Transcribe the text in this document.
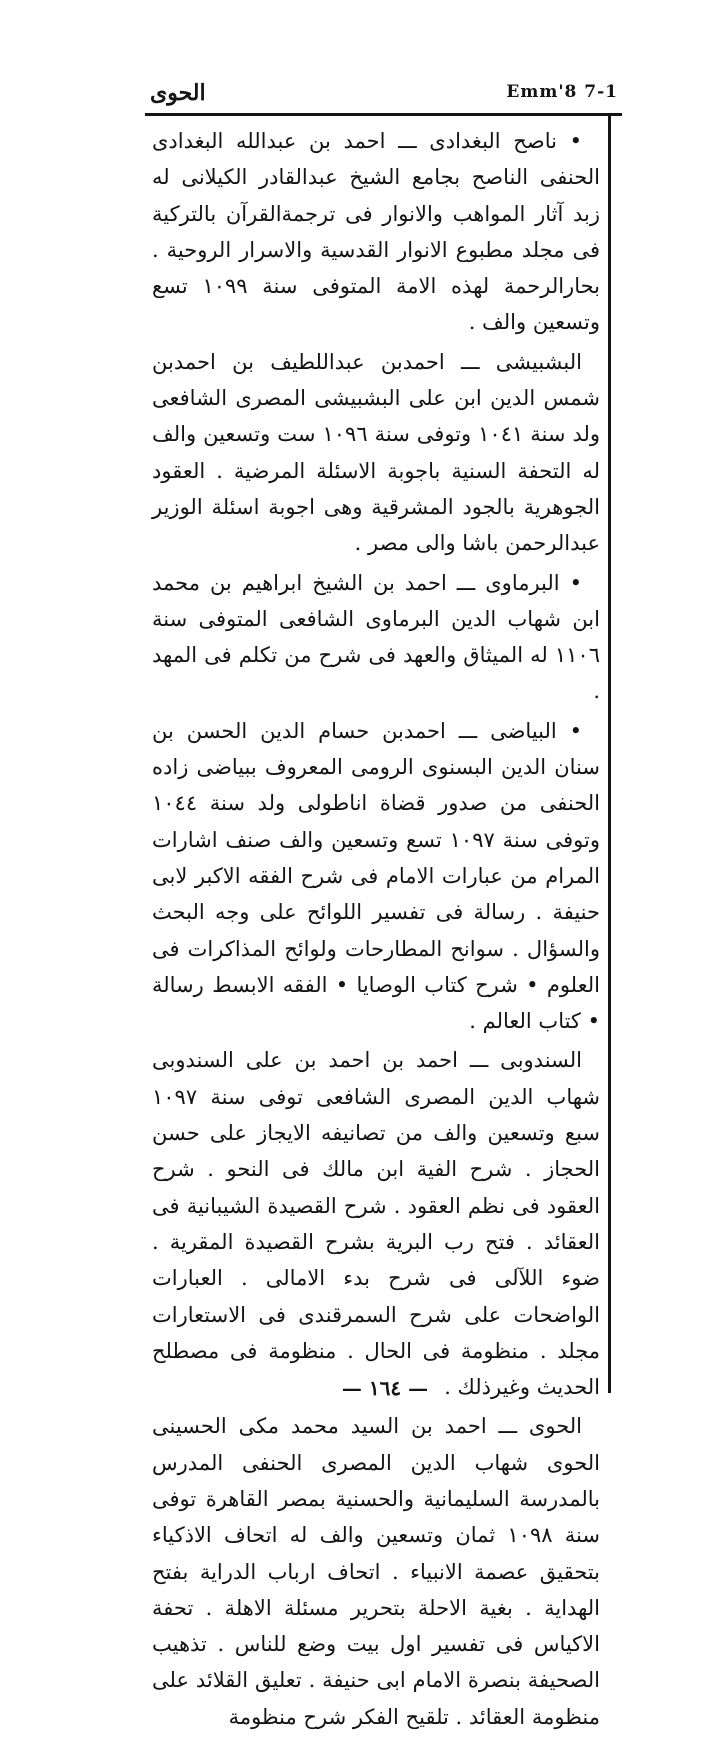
الحوى	Emm'8 7-1

• ناصح البغدادى ـــ احمد بن عبدالله البغدادى الحنفى الناصح بجامع الشيخ عبدالقادر الكيلانى له زبد آثار المواهب والانوار فى ترجمةالقرآن بالتركية فى مجلد مطبوع الانوار القدسية والاسرار الروحية . بحارالرحمة لهذه الامة المتوفى سنة ١٠٩٩ تسع وتسعين والف .

البشبيشى ـــ احمدبن عبداللطيف بن احمدبن شمس الدين ابن على البشبيشى المصرى الشافعى ولد سنة ١٠٤١ وتوفى سنة ١٠٩٦ ست وتسعين والف له التحفة السنية باجوبة الاسئلة المرضية . العقود الجوهرية بالجود المشرقية وهى اجوبة اسئلة الوزير عبدالرحمن باشا والى مصر .

• البرماوى ـــ احمد بن الشيخ ابراهيم بن محمد ابن شهاب الدين البرماوى الشافعى المتوفى سنة ١١٠٦ له الميثاق والعهد فى شرح من تكلم فى المهد .

• البياضى ـــ احمدبن حسام الدين الحسن بن سنان الدين البسنوى الرومى المعروف ببياضى زاده الحنفى من صدور قضاة اناطولى ولد سنة ١٠٤٤ وتوفى سنة ١٠٩٧ تسع وتسعين والف صنف اشارات المرام من عبارات الامام فى شرح الفقه الاكبر لابى حنيفة . رسالة فى تفسير اللوائح على وجه البحث والسؤال . سوانح المطارحات ولوائح المذاكرات فى العلوم • شرح كتاب الوصايا • الفقه الابسط رسالة • كتاب العالم .

السندوبى ـــ احمد بن احمد بن على السندوبى شهاب الدين المصرى الشافعى توفى سنة ١٠٩٧ سبع وتسعين والف من تصانيفه الايجاز على حسن الحجاز . شرح الفية ابن مالك فى النحو . شرح العقود فى نظم العقود . شرح القصيدة الشيبانية فى العقائد . فتح رب البرية بشرح القصيدة المقرية . ضوء اللآلى فى شرح بدء الامالى . العبارات الواضحات على شرح السمرقندى فى الاستعارات مجلد . منظومة فى الحال . منظومة فى مصطلح الحديث وغيرذلك .

الحوى ـــ احمد بن السيد محمد مكى الحسينى الحوى شهاب الدين المصرى الحنفى المدرس بالمدرسة السليمانية والحسنية بمصر القاهرة توفى سنة ١٠٩٨ ثمان وتسعين والف له اتحاف الاذكياء بتحقيق عصمة الانبياء . اتحاف ارباب الدراية بفتح الهداية . بغية الاحلة بتحرير مسئلة الاهلة . تحفة الاكياس فى تفسير اول بيت وضع للناس . تذهيب الصحيفة بنصرة الامام ابى حنيفة . تعليق القلائد على منظومة العقائد . تلقيح الفكر شرح منظومة

— ١٦٤ —
